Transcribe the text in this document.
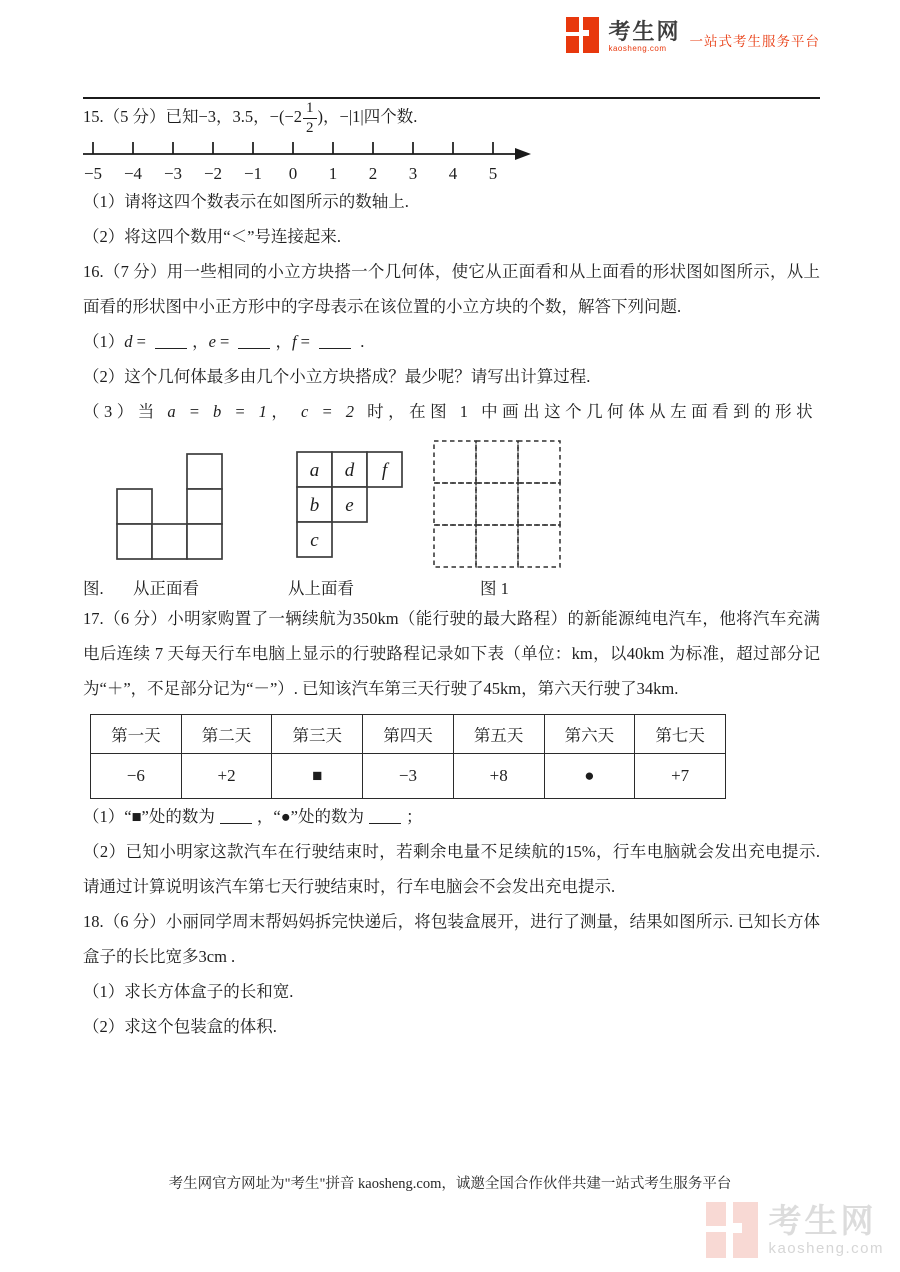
考生网
kaosheng.com	一站式考生服务平台

15.（5 分）已知−3，3.5，$-(-2 \frac{1}{2}$ )，−|1|四个数.

−5 −4 −3 −2 −1 0 1 2 3 4 5

（1）请将这四个数表示在如图所示的数轴上.

（2）将这四个数用“＜”号连接起来.

16.（7 分）用一些相同的小立方块搭一个几何体，使它从正面看和从上面看的形状图如图所示，从上面看的形状图中小正方形中的字母表示在该位置的小立方块的个数，解答下列问题.

（1）d =	，e =	，f =	.

（2）这个几何体最多由几个小立方块搭成？最少呢？请写出计算过程.

（3）当 a = b = 1， c = 2 时，在图 1 中画出这个几何体从左面看到的形状

a d f
b e
c
图. 从正面看	从上面看	图 1

17.（6 分）小明家购置了一辆续航为350km（能行驶的最大路程）的新能源纯电汽车，他将汽车充满电后连续 7 天每天行车电脑上显示的行驶路程记录如下表（单位：km，以40km 为标准，超过部分记为“＋”，不足部分记为“－”）. 已知该汽车第三天行驶了45km，第六天行驶了34km.

第一天	第二天	第三天	第四天	第五天	第六天	第七天
−6	+2	■	−3	+8	●	+7

（1）“■”处的数为	，“●”处的数为	；

（2）已知小明家这款汽车在行驶结束时，若剩余电量不足续航的15%，行车电脑就会发出充电提示. 请通过计算说明该汽车第七天行驶结束时，行车电脑会不会发出充电提示.

18.（6 分）小丽同学周末帮妈妈拆完快递后，将包装盒展开，进行了测量，结果如图所示. 已知长方体盒子的长比宽多3cm .

（1）求长方体盒子的长和宽.

（2）求这个包装盒的体积.

考生网官方网址为"考生"拼音 kaosheng.com，诚邀全国合作伙伴共建一站式考生服务平台
考生网
kaosheng.com
